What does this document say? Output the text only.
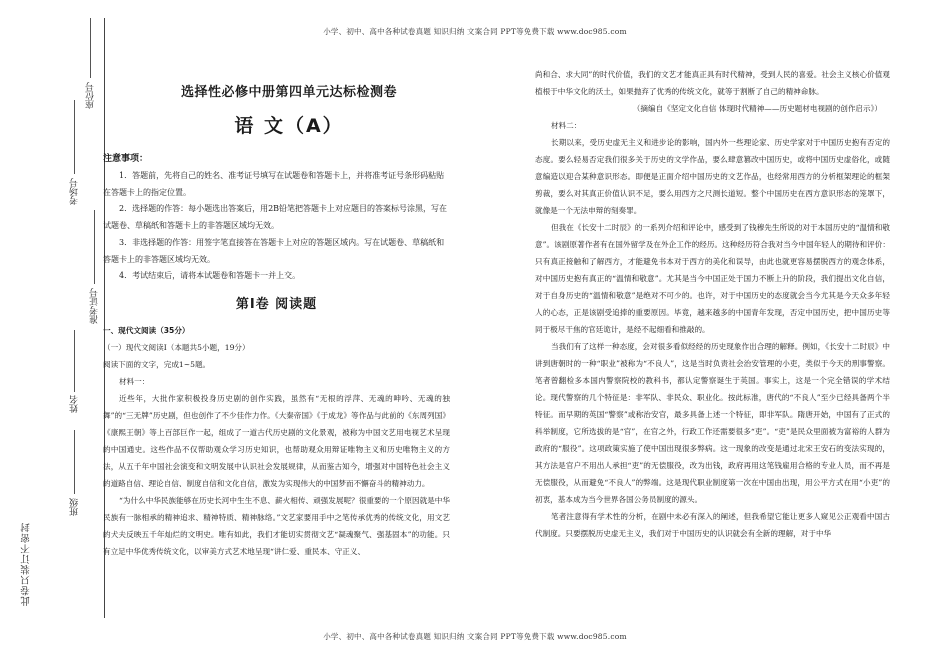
小学、初中、高中各种试卷真题 知识归纳 文案合同 PPT等免费下载 www.doc985.com
座位号
考场号
准考证号
姓名
班级
此卷只装订不密封
选择性必修中册第四单元达标检测卷
语 文（A）
注意事项：

1．答题前，先将自己的姓名、准考证号填写在试题卷和答题卡上，并将准考证号条形码粘贴在答题卡上的指定位置。

2．选择题的作答：每小题选出答案后，用2B铅笔把答题卡上对应题目的答案标号涂黑，写在试题卷、草稿纸和答题卡上的非答题区域均无效。

3．非选择题的作答：用签字笔直接答在答题卡上对应的答题区域内。写在试题卷、草稿纸和答题卡上的非答题区域均无效。

4．考试结束后，请将本试题卷和答题卡一并上交。

第Ⅰ卷 阅读题

一、现代文阅读（35分）

（一）现代文阅读Ⅰ（本题共5小题，19分）

阅读下面的文字，完成1~5题。

材料一：

近些年，大批作家积极投身历史剧的创作实践，虽然有“无根的浮萍、无魂的呻吟、无魂的独舞”的“三无牌”历史剧，但也创作了不少佳作力作。《大秦帝国》《于成龙》等作品与此前的《东周列国》《康熙王朝》等上百部巨作一起，组成了一道古代历史剧的文化景观，被称为中国文艺用电视艺术呈现的中国通史。这些作品不仅帮助观众学习历史知识，也帮助观众用辩证唯物主义和历史唯物主义的方法，从五千年中国社会演变和文明发展中认识社会发展规律，从而鉴古知今，增强对中国特色社会主义的道路自信、理论自信、制度自信和文化自信，激发为实现伟大的中国梦而不懈奋斗的精神动力。

“为什么中华民族能够在历史长河中生生不息、薪火相传、顽强发展呢？很重要的一个原因就是中华民族有一脉相承的精神追求、精神特质、精神脉络。”文艺家要用手中之笔传承优秀的传统文化，用文艺的犬夫反映五千年灿烂的文明史。唯有如此，我们才能切实贯彻文艺“凝魂聚气、强基固本”的功能。只有立足中华优秀传统文化，以审美方式艺术地呈现“讲仁爱、重民本、守正义、

尚和合、求大同”的时代价值，我们的文艺才能真正具有时代精神，受到人民的喜爱。社会主义核心价值观植根于中华文化的沃土，如果抛弃了优秀的传统文化，就等于割断了自己的精神命脉。

（摘编自《坚定文化自信 体现时代精神——历史题材电视剧的创作启示》）

材料二：

长期以来，受历史虚无主义和进步论的影响，国内外一些理论家、历史学家对于中国历史抱有否定的态度。要么轻易否定我们很多关于历史的文学作品，要么肆意篡改中国历史，或将中国历史虚俗化，或随意编造以迎合某种意识形态。即便是正面介绍中国历史的文艺作品，也经常用西方的分析框架理论的框架剪裁，要么对其真正价值认识不足，要么用西方之尺测长道短。整个中国历史在西方意识形态的笼罩下，就像是一个无法申辩的刻奏罪。

但我在《长安十二时辰》的一系列介绍和评论中，感受到了钱穆先生所说的对于本国历史的“温情和敬意”。该剧原著作者有在国外留学及在外企工作的经历。这种经历符合我对当今中国年轻人的期待和评价：只有真正接触和了解西方，才能避免书本对于西方的美化和误导，由此也就更容易摆脱西方的观念体系，对中国历史抱有真正的“温情和敬意”。尤其是当今中国正处于国力不断上升的阶段，我们提出文化自信，对于自身历史的“温情和敬意”是绝对不可少的。也许，对于中国历史的态度就会当今尤其是今天众多年轻人的心态，正是该剧受追捧的重要原因。毕竟，越来越多的中国青年发现，否定中国历史，把中国历史等同于极尽干焦的官廷诡计，是经不起细看和推敲的。

当我们有了这样一种态度，会对很多看似经经的历史现象作出合理的解释。例如，《长安十二时辰》中讲到唐朝时的一种“职业”被称为“不良人”，这是当时负责社会治安管理的小吏，类似于今天的刑事警察。笔者曾翻检多本国内警察院校的教科书，都认定警察诞生于英国。事实上，这是一个完全错误的学术结论。现代警察的几个特征是：非军队、非民众、职业化。按此标准，唐代的“不良人”至少已经具备两个半特征。而早期的英国“警察”或称治安官，最多具备上述一个特征，即非军队。隋唐开始，中国有了正式的科举制度，它所选拔的是“官”，在官之外，行政工作还需要很多“吏”。“吏”是民众里面被为富裕的人群为政府的“服役”。这项政策实施了使中国出现很多弊病。这一现象的改变是通过北宋王安石的变法实现的，其方法是官户不用出人承担“吏”的无偿服役，改为出钱，政府再用这笔钱雇用合格的专业人员，而不再是无偿服役，从而避免“不良人”的弊端。这是现代职业制度第一次在中国由出现，用公平方式在用“小吏”的初衷，基本成为当今世界各国公务员制度的源头。

笔者注意得有学术性的分析，在剧中未必有深入的阐述，但我希望它能让更多人窥见公正观看中国古代制度。只要摆脱历史虚无主义，我们对于中国历史的认识就会有全新的理解，对于中华

小学、初中、高中各种试卷真题 知识归纳 文案合同 PPT等免费下载 www.doc985.com
